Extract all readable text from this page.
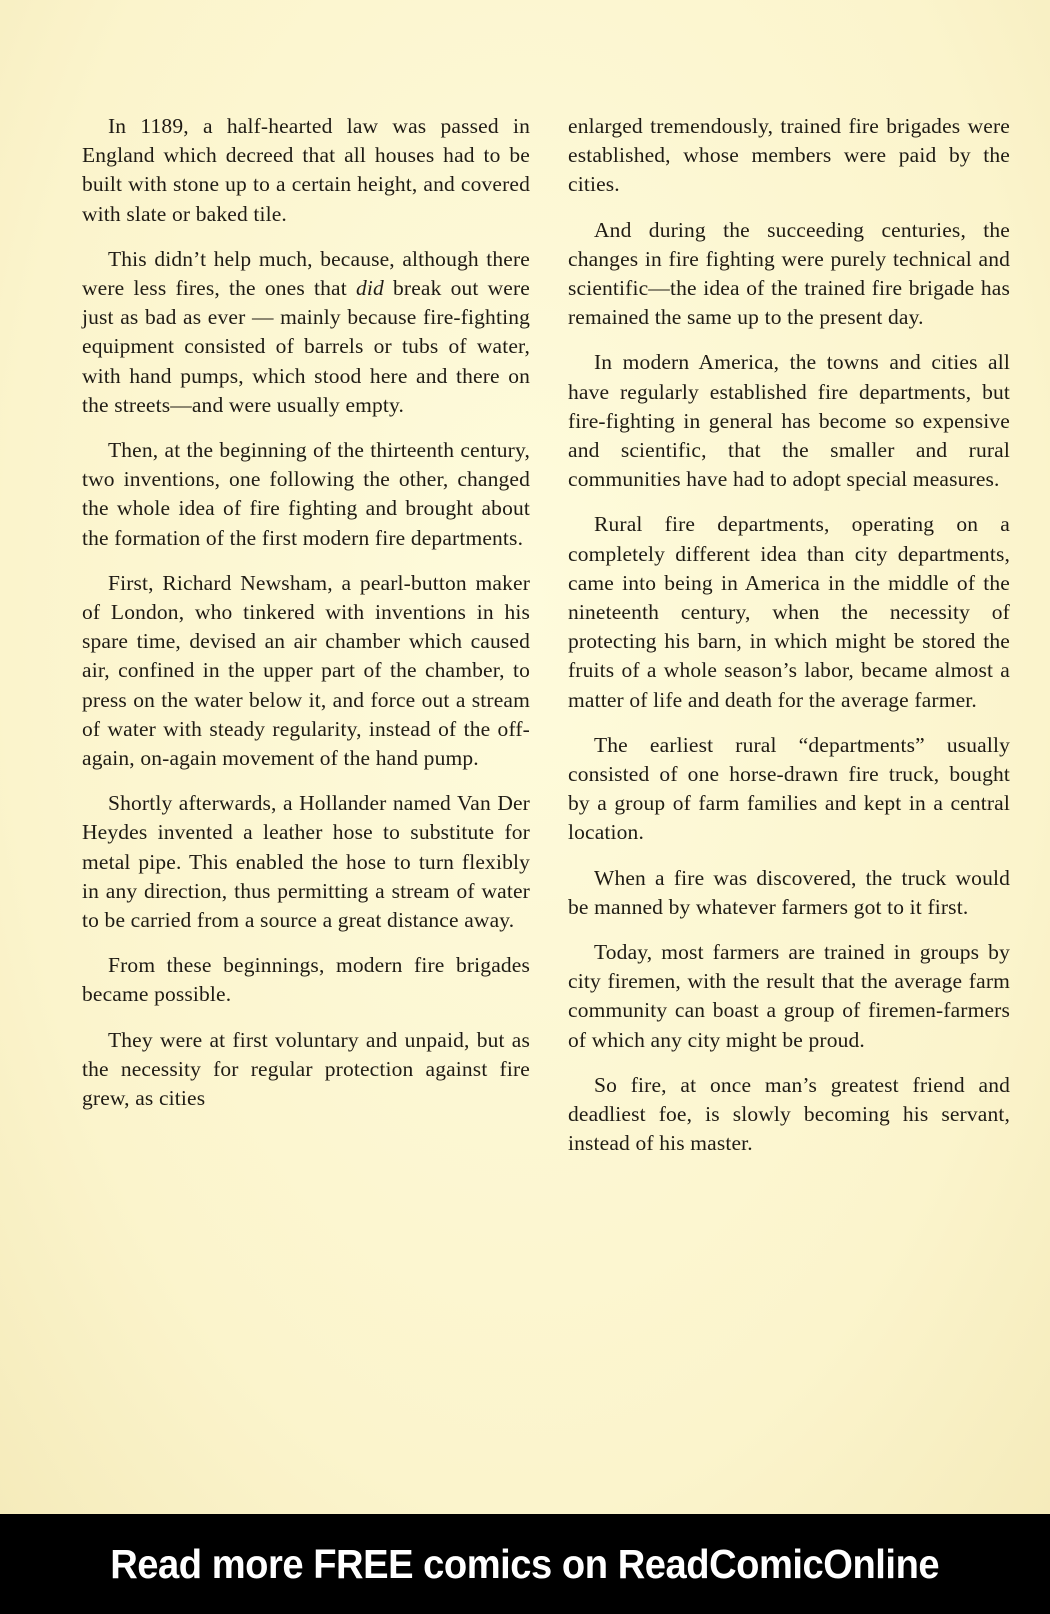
In 1189, a half-hearted law was passed in England which decreed that all houses had to be built with stone up to a certain height, and covered with slate or baked tile.

This didn’t help much, because, although there were less fires, the ones that did break out were just as bad as ever — mainly because fire-fighting equipment consisted of barrels or tubs of water, with hand pumps, which stood here and there on the streets—and were usually empty.

Then, at the beginning of the thirteenth century, two inventions, one following the other, changed the whole idea of fire fighting and brought about the formation of the first modern fire departments.

First, Richard Newsham, a pearl-button maker of London, who tinkered with inventions in his spare time, devised an air chamber which caused air, confined in the upper part of the chamber, to press on the water below it, and force out a stream of water with steady regularity, instead of the off-again, on-again movement of the hand pump.

Shortly afterwards, a Hollander named Van Der Heydes invented a leather hose to substitute for metal pipe. This enabled the hose to turn flexibly in any direction, thus permitting a stream of water to be carried from a source a great distance away.

From these beginnings, modern fire brigades became possible.

They were at first voluntary and unpaid, but as the necessity for regular protection against fire grew, as cities

enlarged tremendously, trained fire brigades were established, whose members were paid by the cities.

And during the succeeding centuries, the changes in fire fighting were purely technical and scientific—the idea of the trained fire brigade has remained the same up to the present day.

In modern America, the towns and cities all have regularly established fire departments, but fire-fighting in general has become so expensive and scientific, that the smaller and rural communities have had to adopt special measures.

Rural fire departments, operating on a completely different idea than city departments, came into being in America in the middle of the nineteenth century, when the necessity of protecting his barn, in which might be stored the fruits of a whole season’s labor, became almost a matter of life and death for the average farmer.

The earliest rural “departments” usually consisted of one horse-drawn fire truck, bought by a group of farm families and kept in a central location.

When a fire was discovered, the truck would be manned by whatever farmers got to it first.

Today, most farmers are trained in groups by city firemen, with the result that the average farm community can boast a group of firemen-farmers of which any city might be proud.

So fire, at once man’s greatest friend and deadliest foe, is slowly becoming his servant, instead of his master.

Read more FREE comics on ReadComicOnline
